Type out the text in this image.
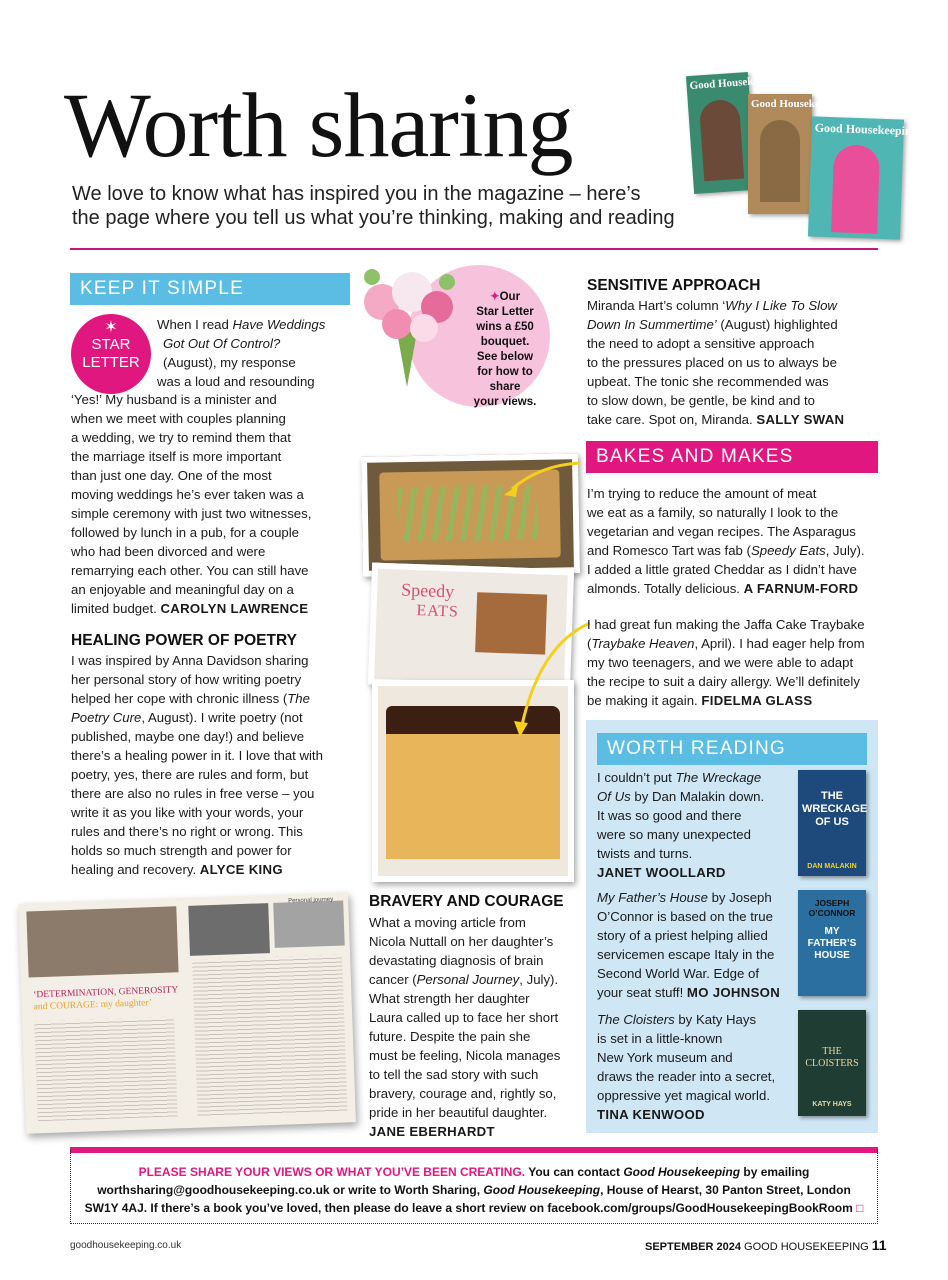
Worth sharing
We love to know what has inspired you in the magazine – here’s
the page where you tell us what you’re thinking, making and reading
Good Housekeeping
Good Housekeeping
Good Housekeeping
KEEP IT SIMPLE
✶
STAR
LETTER
When I read Have Weddings
Got Out Of Control?
(August), my response
was a loud and resounding
‘Yes!’ My husband is a minister and
when we meet with couples planning
a wedding, we try to remind them that
the marriage itself is more important
than just one day. One of the most
moving weddings he’s ever taken was a
simple ceremony with just two witnesses,
followed by lunch in a pub, for a couple
who had been divorced and were
remarrying each other. You can still have
an enjoyable and meaningful day on a
limited budget. CAROLYN LAWRENCE
HEALING POWER OF POETRY
I was inspired by Anna Davidson sharing
her personal story of how writing poetry
helped her cope with chronic illness (The
Poetry Cure, August). I write poetry (not
published, maybe one day!) and believe
there’s a healing power in it. I love that with
poetry, yes, there are rules and form, but
there are also no rules in free verse – you
write it as you like with your words, your
rules and there’s no right or wrong. This
holds so much strength and power for
healing and recovery. ALYCE KING
‘DETERMINATION, GENEROSITY
and COURAGE: my daughter’
Personal journey
✦Our
Star Letter
wins a £50
bouquet.
See below
for how to share
your views.
Speedy
EATS
BRAVERY AND COURAGE
What a moving article from
Nicola Nuttall on her daughter’s
devastating diagnosis of brain
cancer (Personal Journey, July).
What strength her daughter
Laura called up to face her short
future. Despite the pain she
must be feeling, Nicola manages
to tell the sad story with such
bravery, courage and, rightly so,
pride in her beautiful daughter.
JANE EBERHARDT
SENSITIVE APPROACH
Miranda Hart’s column ‘Why I Like To Slow
Down In Summertime’ (August) highlighted
the need to adopt a sensitive approach
to the pressures placed on us to always be
upbeat. The tonic she recommended was
to slow down, be gentle, be kind and to
take care. Spot on, Miranda. SALLY SWAN
BAKES AND MAKES
I’m trying to reduce the amount of meat
we eat as a family, so naturally I look to the
vegetarian and vegan recipes. The Asparagus
and Romesco Tart was fab (Speedy Eats, July).
I added a little grated Cheddar as I didn’t have
almonds. Totally delicious. A FARNUM-FORD
I had great fun making the Jaffa Cake Traybake
(Traybake Heaven, April). I had eager help from
my two teenagers, and we were able to adapt
the recipe to suit a dairy allergy. We’ll definitely
be making it again. FIDELMA GLASS
WORTH READING
I couldn’t put The Wreckage
Of Us by Dan Malakin down.
It was so good and there
were so many unexpected
twists and turns.
JANET WOOLLARD
THE WRECKAGE OF US
DAN MALAKIN
My Father’s House by Joseph
O’Connor is based on the true
story of a priest helping allied
servicemen escape Italy in the
Second World War. Edge of
your seat stuff! MO JOHNSON
JOSEPH O’CONNOR
MY FATHER’S HOUSE
The Cloisters by Katy Hays
is set in a little-known
New York museum and
draws the reader into a secret,
oppressive yet magical world.
TINA KENWOOD
THE CLOISTERS
KATY HAYS
PLEASE SHARE YOUR VIEWS OR WHAT YOU’VE BEEN CREATING. You can contact Good Housekeeping by emailing
worthsharing@goodhousekeeping.co.uk or write to Worth Sharing, Good Housekeeping, House of Hearst, 30 Panton Street, London
SW1Y 4AJ. If there’s a book you’ve loved, then please do leave a short review on facebook.com/groups/GoodHousekeepingBookRoom □
goodhousekeeping.co.uk	SEPTEMBER 2024 GOOD HOUSEKEEPING 11
